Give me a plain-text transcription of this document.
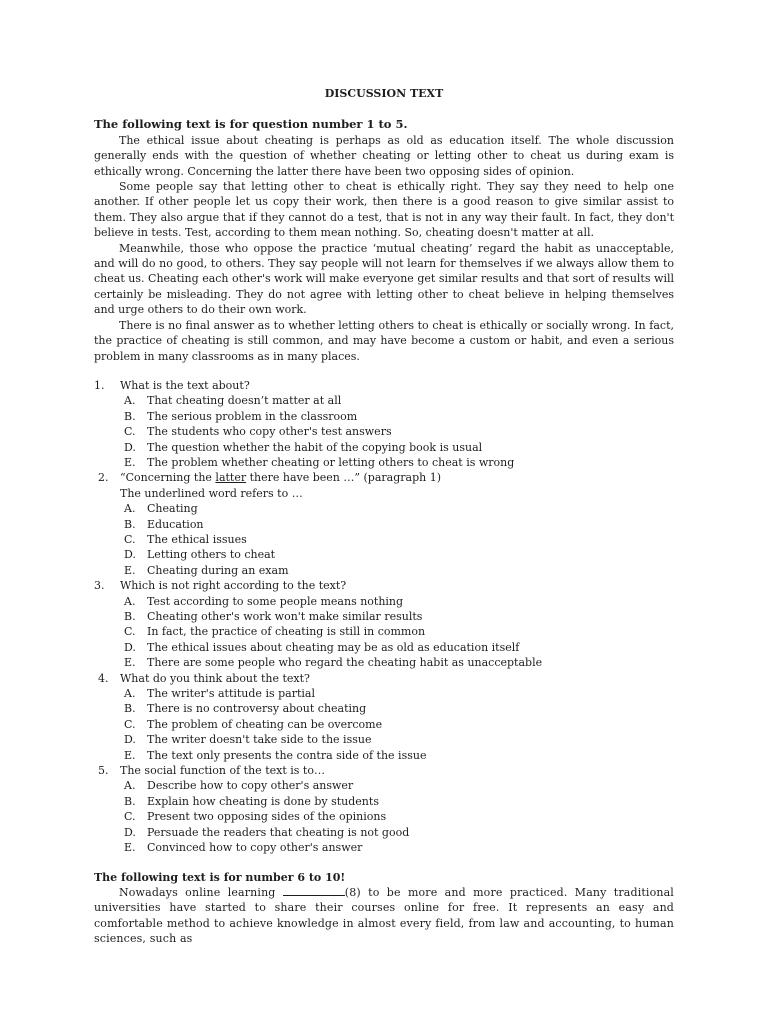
DISCUSSION TEXT

The following text is for question number 1 to 5.

The ethical issue about cheating is perhaps as old as education itself. The whole discussion generally ends with the question of whether cheating or letting other to cheat us during exam is ethically wrong. Concerning the latter there have been two opposing sides of opinion.

Some people say that letting other to cheat is ethically right. They say they need to help one another. If other people let us copy their work, then there is a good reason to give similar assist to them. They also argue that if they cannot do a test, that is not in any way their fault. In fact, they don't believe in tests. Test, according to them mean nothing. So, cheating doesn't matter at all.

Meanwhile, those who oppose the practice ‘mutual cheating’ regard the habit as unacceptable, and will do no good, to others. They say people will not learn for themselves if we always allow them to cheat us. Cheating each other's work will make everyone get similar results and that sort of results will certainly be misleading. They do not agree with letting other to cheat believe in helping themselves and urge others to do their own work.

There is no final answer as to whether letting others to cheat is ethically or socially wrong. In fact, the practice of cheating is still common, and may have become a custom or habit, and even a serious problem in many classrooms as in many places.

1. What is the text about?

A. That cheating doesn’t matter at all

B. The serious problem in the classroom

C. The students who copy other's test answers

D. The question whether the habit of the copying book is usual

E. The problem whether cheating or letting others to cheat is wrong

2. “Concerning the latter there have been …” (paragraph 1)

The underlined word refers to …

A. Cheating

B. Education

C. The ethical issues

D. Letting others to cheat

E. Cheating during an exam

3. Which is not right according to the text?

A. Test according to some people means nothing

B. Cheating other's work won't make similar results

C. In fact, the practice of cheating is still in common

D. The ethical issues about cheating may be as old as education itself

E. There are some people who regard the cheating habit as unacceptable

4. What do you think about the text?

A. The writer's attitude is partial

B. There is no controversy about cheating

C. The problem of cheating can be overcome

D. The writer doesn't take side to the issue

E. The text only presents the contra side of the issue

5. The social function of the text is to…

A. Describe how to copy other's answer

B. Explain how cheating is done by students

C. Present two opposing sides of the opinions

D. Persuade the readers that cheating is not good

E. Convinced how to copy other's answer

The following text is for number 6 to 10!

Nowadays online learning	(8) to be more and more practiced. Many traditional universities have started to share their courses online for free. It represents an easy and comfortable method to achieve knowledge in almost every field, from law and accounting, to human sciences, such as
